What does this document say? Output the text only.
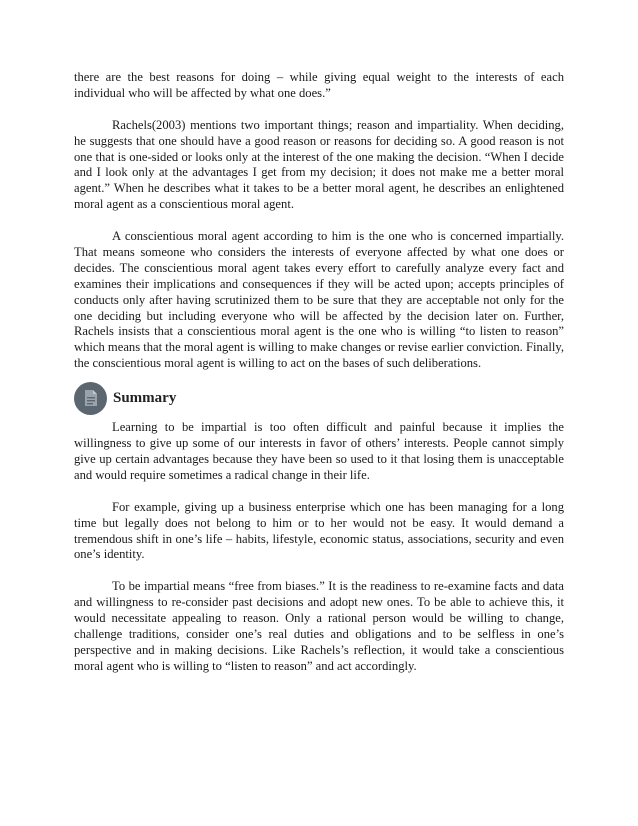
there are the best reasons for doing – while giving equal weight to the interests of each individual who will be affected by what one does.”

Rachels(2003) mentions two important things; reason and impartiality. When deciding, he suggests that one should have a good reason or reasons for deciding so. A good reason is not one that is one-sided or looks only at the interest of the one making the decision. “When I decide and I look only at the advantages I get from my decision; it does not make me a better moral agent.” When he describes what it takes to be a better moral agent, he describes an enlightened moral agent as a conscientious moral agent.

A conscientious moral agent according to him is the one who is concerned impartially. That means someone who considers the interests of everyone affected by what one does or decides. The conscientious moral agent takes every effort to carefully analyze every fact and examines their implications and consequences if they will be acted upon; accepts principles of conducts only after having scrutinized them to be sure that they are acceptable not only for the one deciding but including everyone who will be affected by the decision later on. Further, Rachels insists that a conscientious moral agent is the one who is willing “to listen to reason” which means that the moral agent is willing to make changes or revise earlier conviction. Finally, the conscientious moral agent is willing to act on the bases of such deliberations.

Summary

Learning to be impartial is too often difficult and painful because it implies the willingness to give up some of our interests in favor of others’ interests. People cannot simply give up certain advantages because they have been so used to it that losing them is unacceptable and would require sometimes a radical change in their life.

For example, giving up a business enterprise which one has been managing for a long time but legally does not belong to him or to her would not be easy. It would demand a tremendous shift in one’s life – habits, lifestyle, economic status, associations, security and even one’s identity.

To be impartial means “free from biases.” It is the readiness to re-examine facts and data and willingness to re-consider past decisions and adopt new ones. To be able to achieve this, it would necessitate appealing to reason. Only a rational person would be willing to change, challenge traditions, consider one’s real duties and obligations and to be selfless in one’s perspective and in making decisions. Like Rachels’s reflection, it would take a conscientious moral agent who is willing to “listen to reason” and act accordingly.
